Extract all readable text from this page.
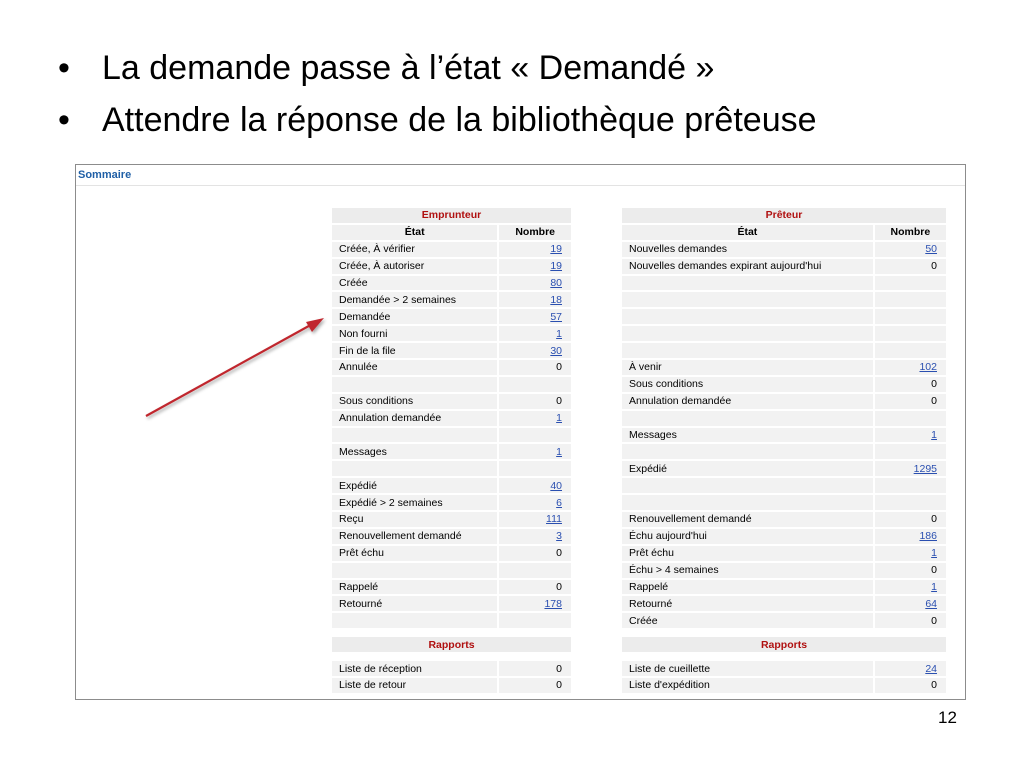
• La demande passe à l’état « Demandé »
• Attendre la réponse de la bibliothèque prêteuse
Sommaire
Emprunteur	
État	Nombre
Créée, À vérifier	19
Créée, À autoriser	19
Créée	80
Demandée > 2 semaines	18
Demandée	57
Non fourni	1
Fin de la file	30
Annulée	0

Sous conditions	0
Annulation demandée	1

Messages	1

Expédié	40
Expédié > 2 semaines	6
Reçu	111
Renouvellement demandé	3
Prêt échu	0

Rappelé	0
Retourné	178

Rapports	

Liste de réception	0
Liste de retour	0
Prêteur	
État	Nombre
Nouvelles demandes	50
Nouvelles demandes expirant aujourd'hui	0

À venir	102
Sous conditions	0
Annulation demandée	0

Messages	1

Expédié	1295

Renouvellement demandé	0
Échu aujourd'hui	186
Prêt échu	1
Échu > 4 semaines	0
Rappelé	1
Retourné	64
Créée	0

Rapports	

Liste de cueillette	24
Liste d'expédition	0
12
